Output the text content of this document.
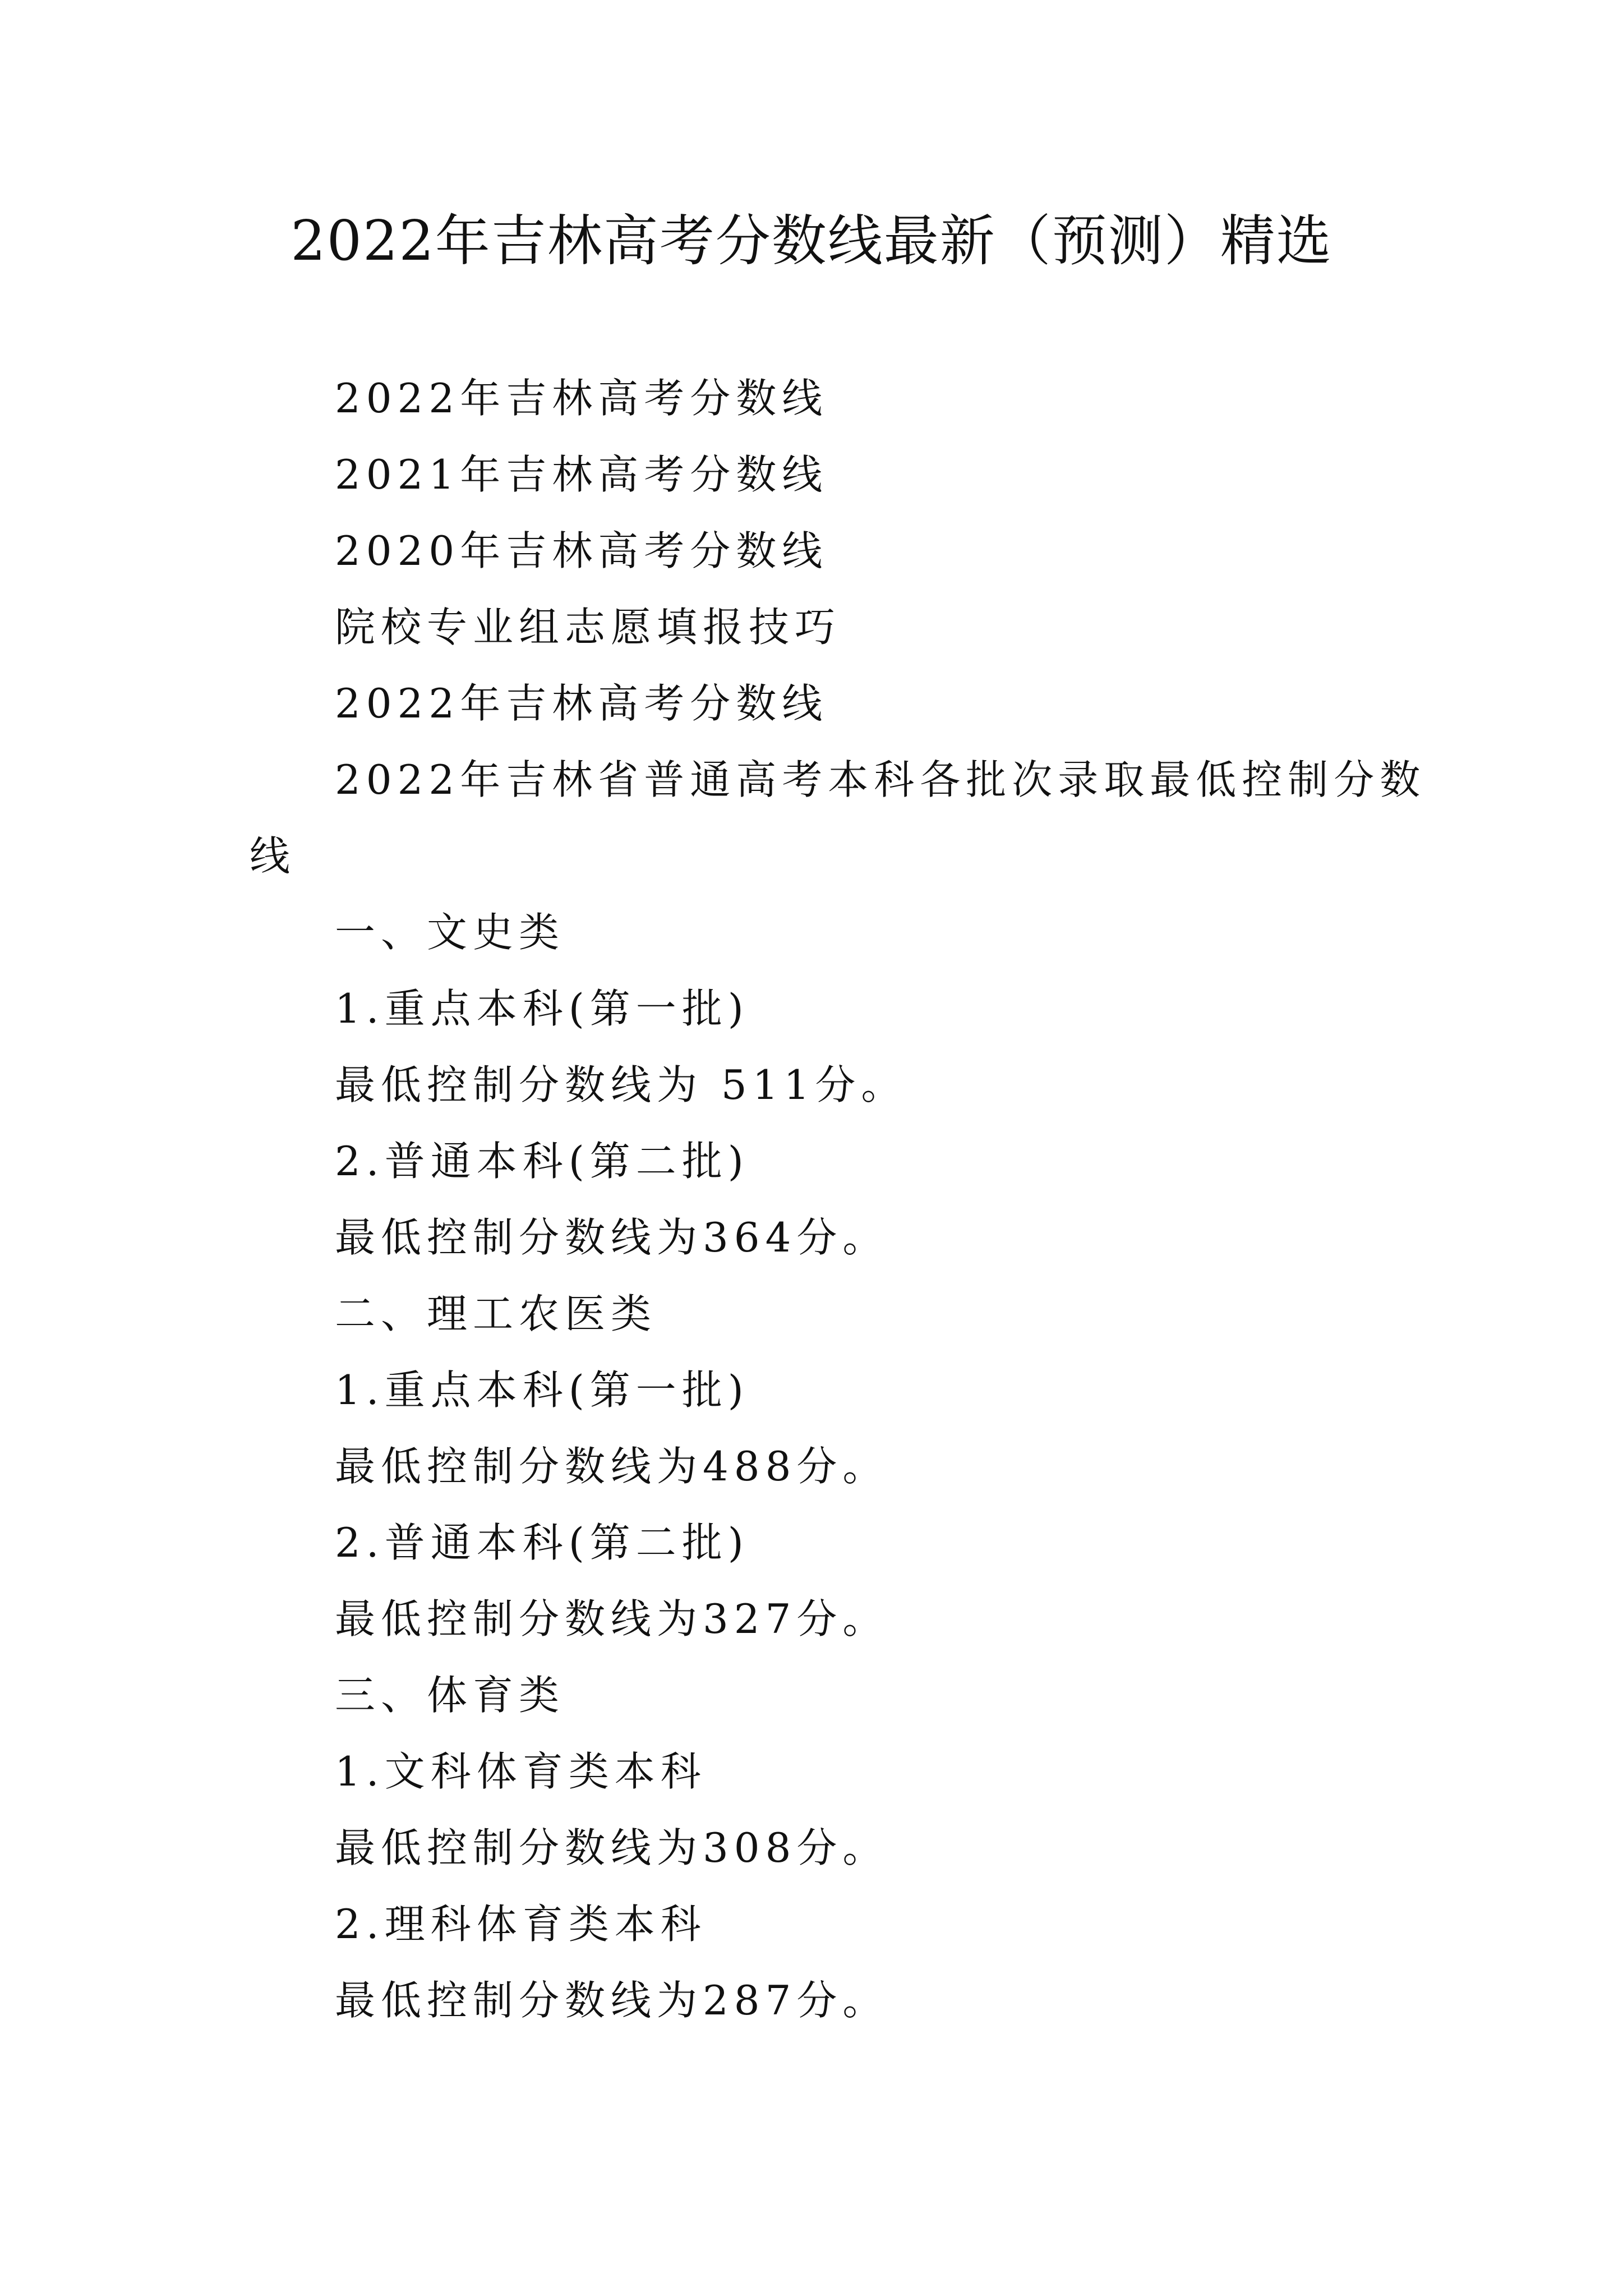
2022年吉林高考分数线最新（预测）精选
2022年吉林高考分数线
2021年吉林高考分数线
2020年吉林高考分数线
院校专业组志愿填报技巧
2022年吉林高考分数线
2022年吉林省普通高考本科各批次录取最低控制分数
线
一、文史类
1.重点本科(第一批)
最低控制分数线为 511分。
2.普通本科(第二批)
最低控制分数线为364分。
二、理工农医类
1.重点本科(第一批)
最低控制分数线为488分。
2.普通本科(第二批)
最低控制分数线为327分。
三、体育类
1.文科体育类本科
最低控制分数线为308分。
2.理科体育类本科
最低控制分数线为287分。
